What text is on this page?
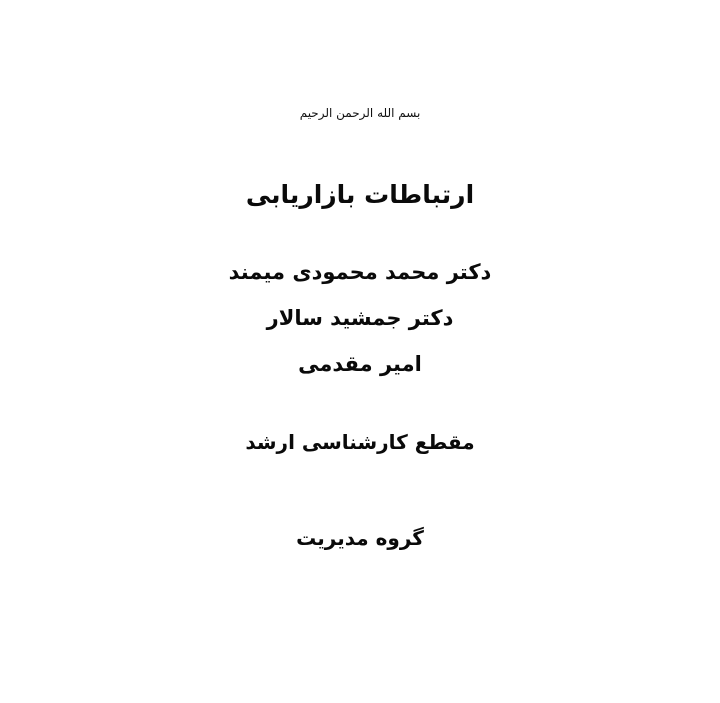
بسم الله الرحمن الرحیم
ارتباطات بازاریابی
دکتر محمد محمودی میمند
دکتر جمشید سالار
امیر مقدمی
مقطع کارشناسی ارشد
گروه مدیریت
